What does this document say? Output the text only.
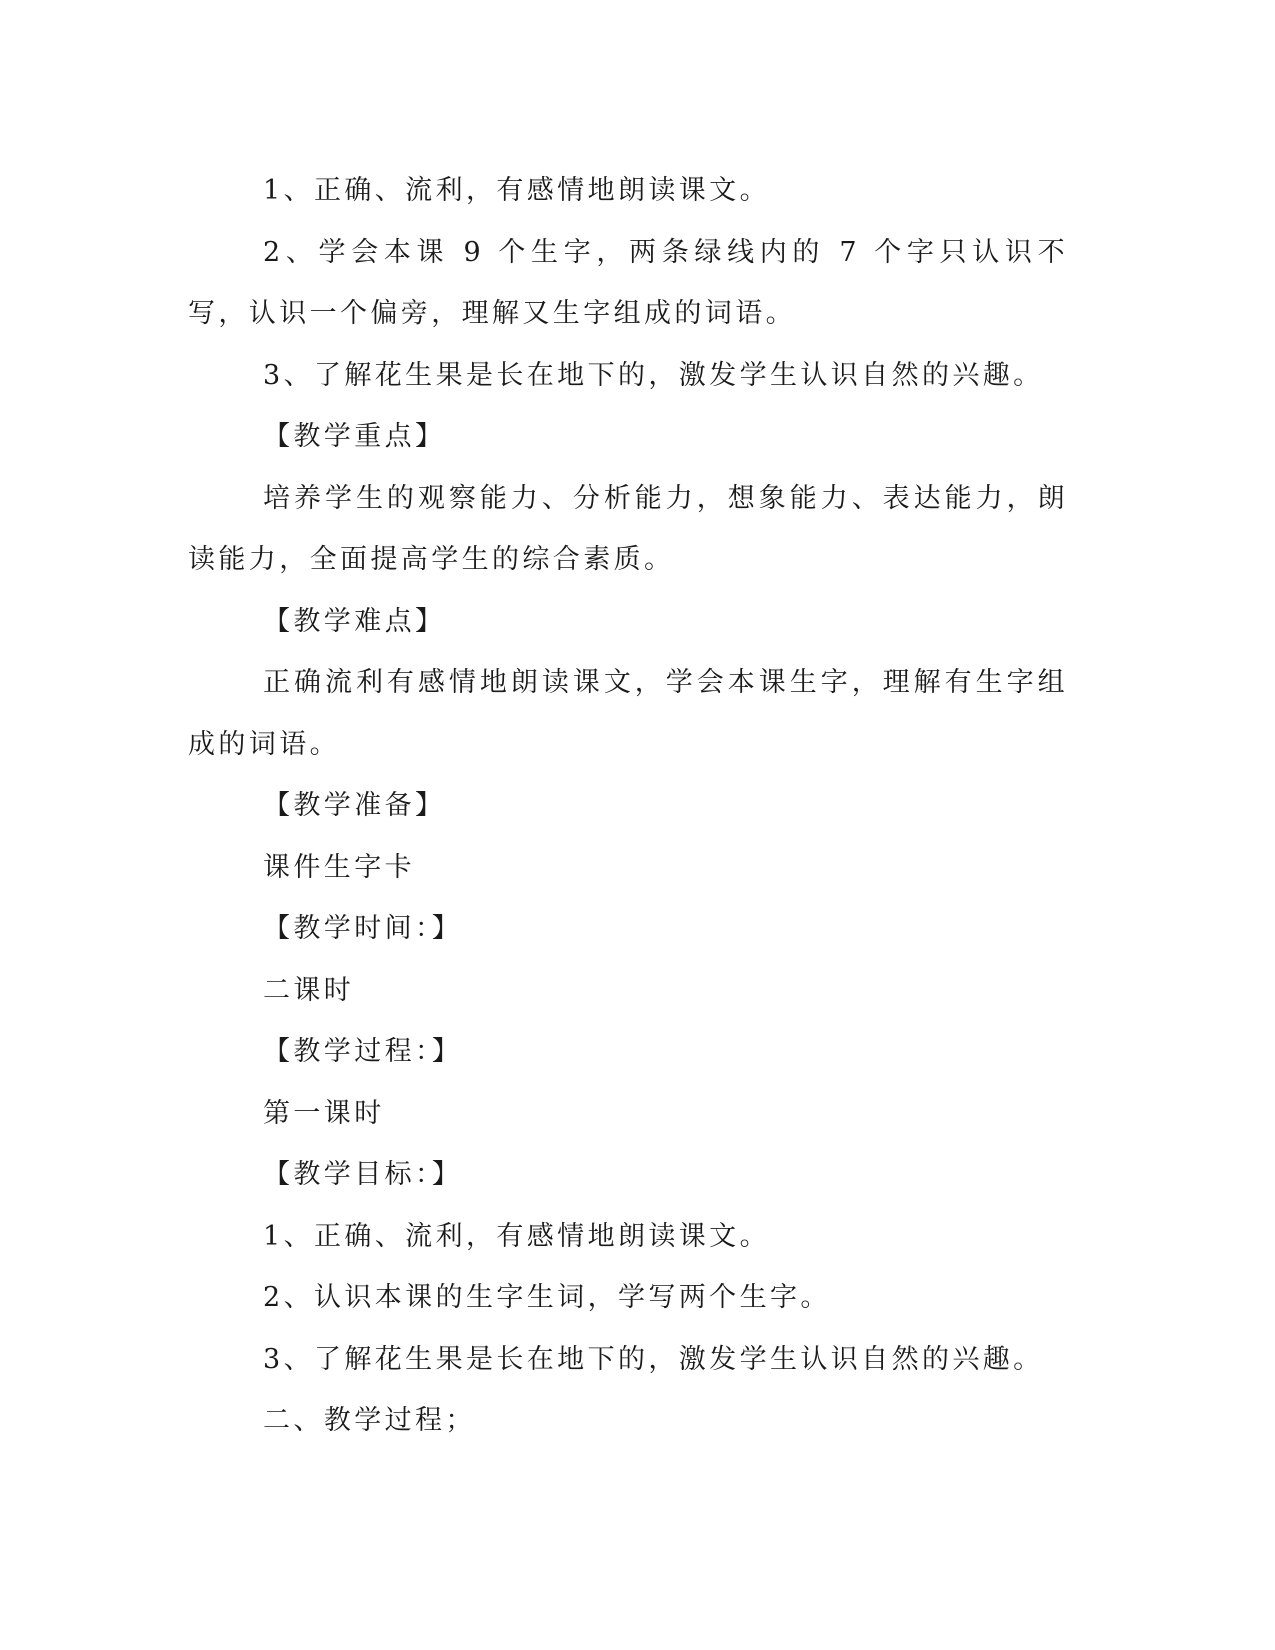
1、正确、流利，有感情地朗读课文。

2、学会本课 9 个生字，两条绿线内的 7 个字只认识不写，认识一个偏旁，理解又生字组成的词语。

3、了解花生果是长在地下的，激发学生认识自然的兴趣。

【教学重点】

培养学生的观察能力、分析能力，想象能力、表达能力，朗读能力，全面提高学生的综合素质。

【教学难点】

正确流利有感情地朗读课文，学会本课生字，理解有生字组成的词语。

【教学准备】

课件生字卡

【教学时间：】

二课时

【教学过程：】

第一课时

【教学目标：】

1、正确、流利，有感情地朗读课文。

2、认识本课的生字生词，学写两个生字。

3、了解花生果是长在地下的，激发学生认识自然的兴趣。

二、教学过程；
